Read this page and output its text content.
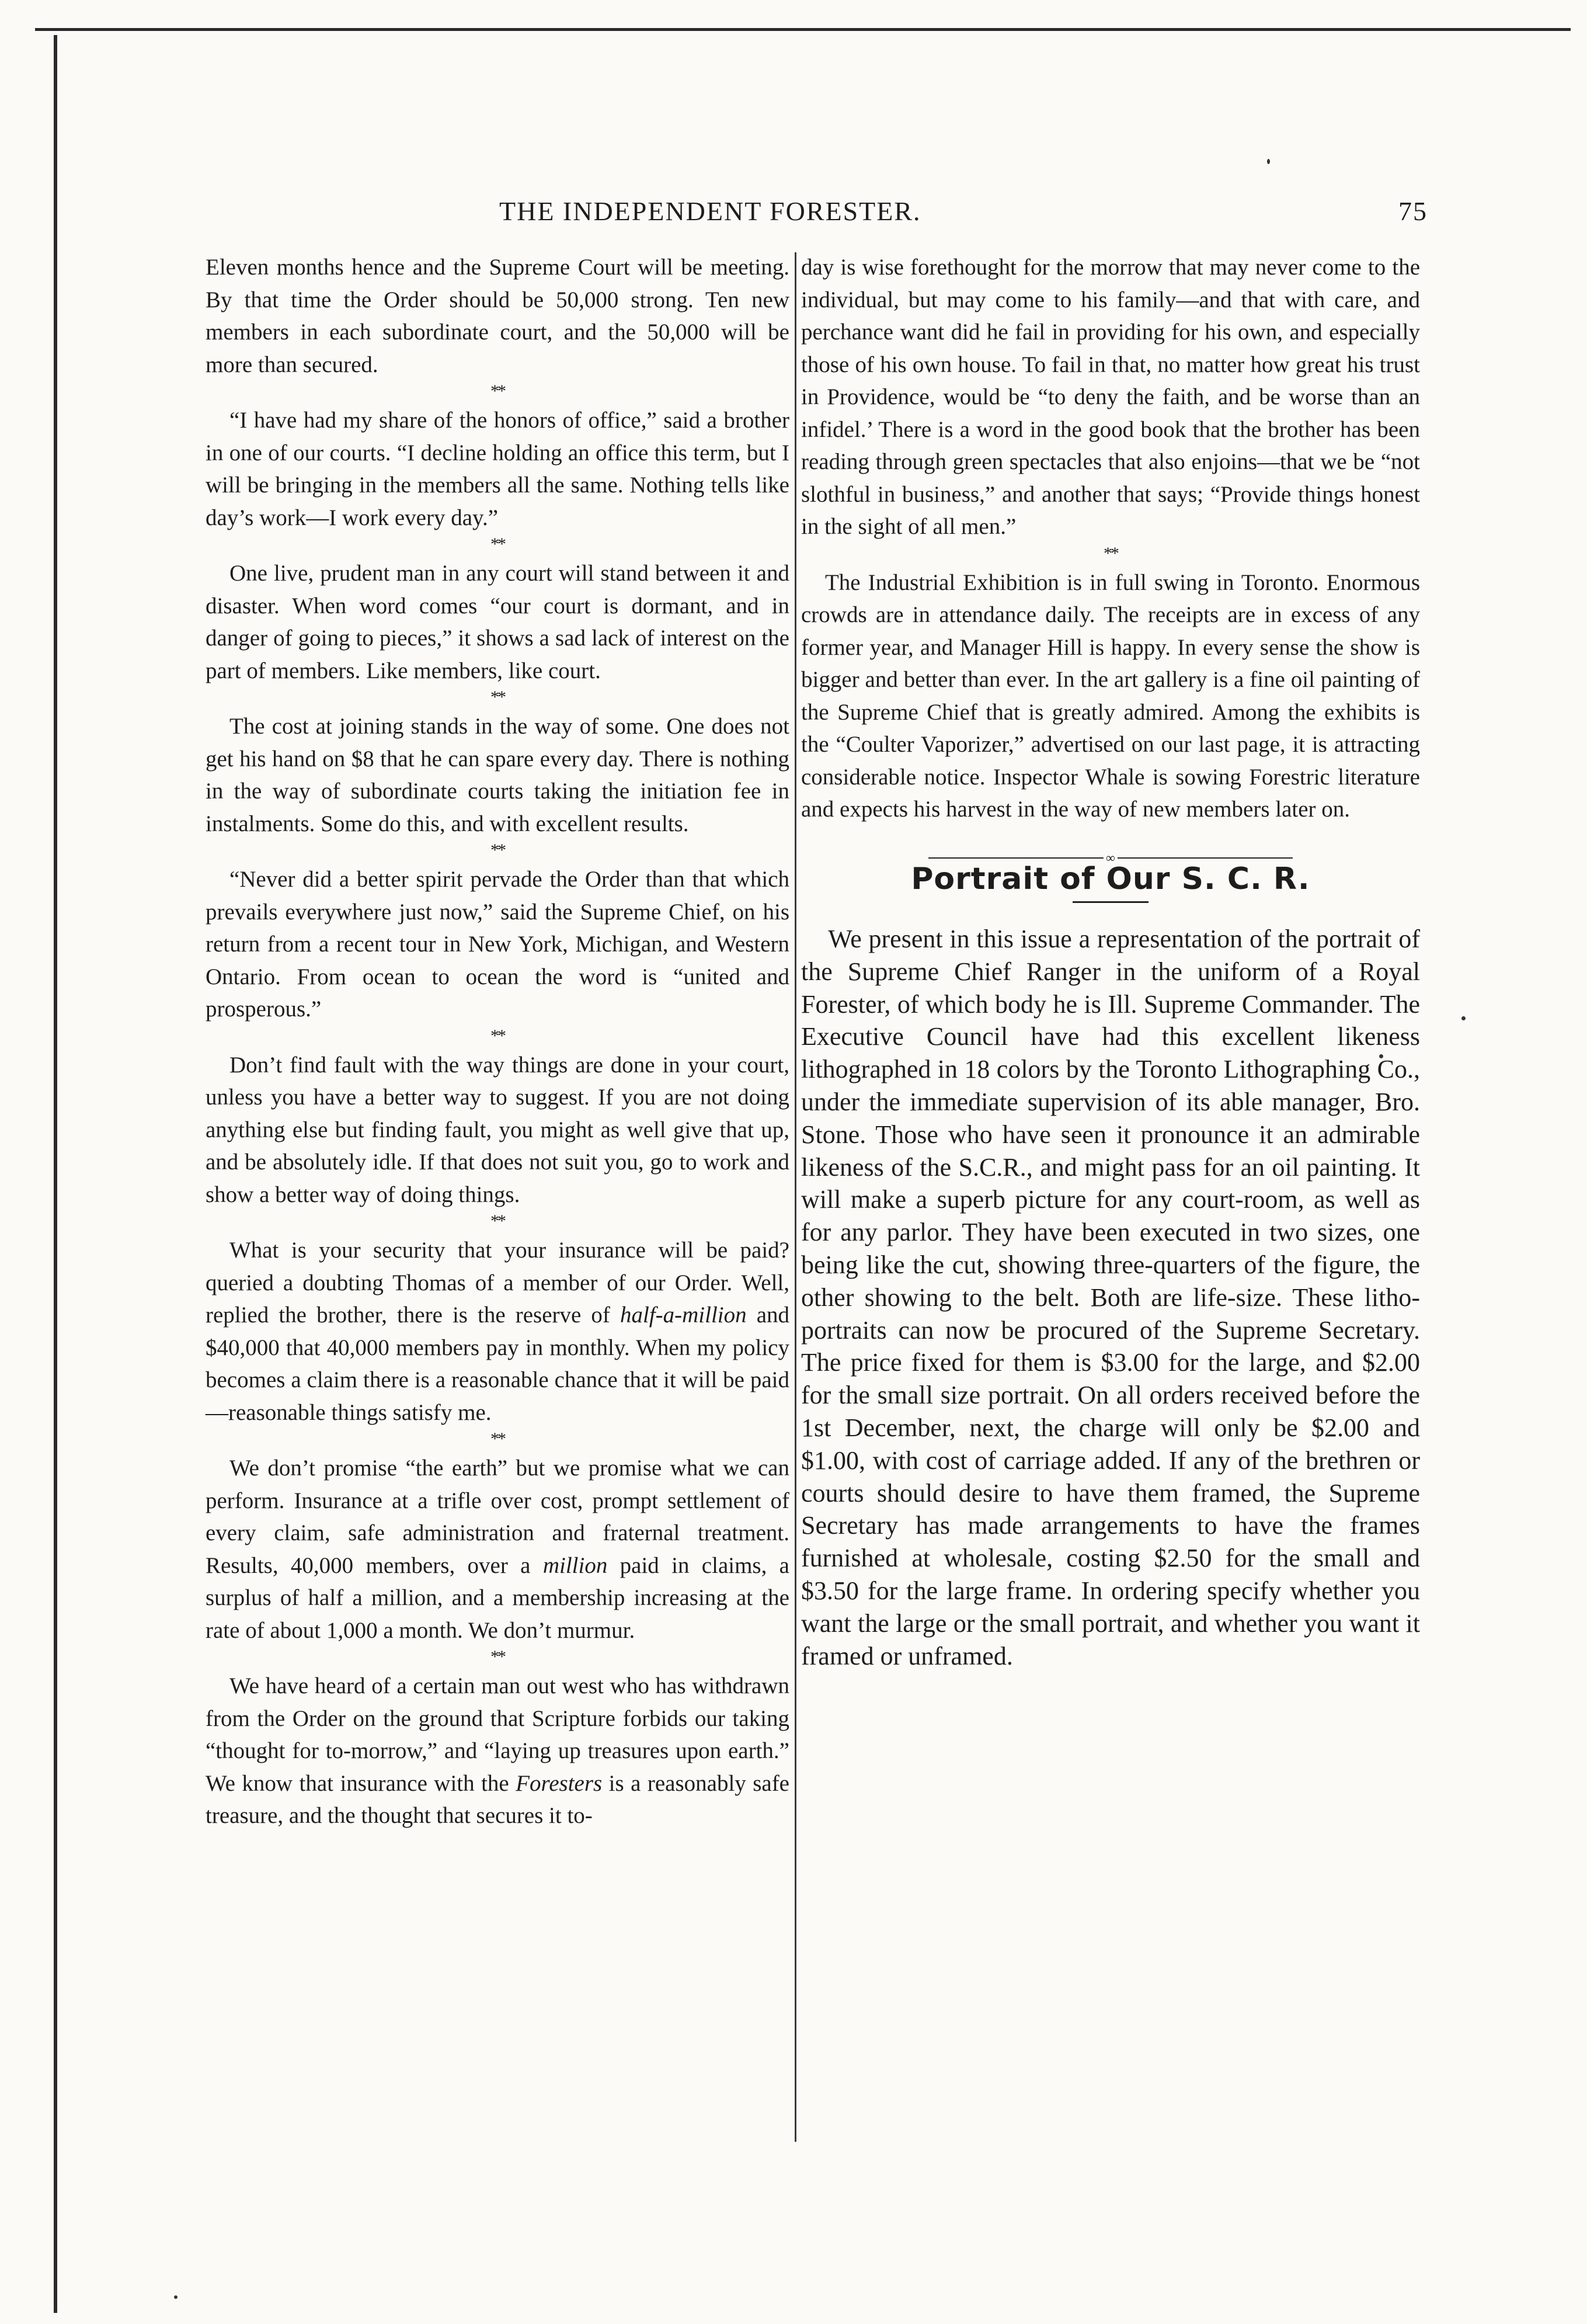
THE INDEPENDENT FORESTER.	75

Eleven months hence and the Supreme Court will be meeting. By that time the Order should be 50,000 strong. Ten new members in each subordinate court, and the 50,000 will be more than secured.

**

“I have had my share of the honors of office,” said a brother in one of our courts. “I decline holding an office this term, but I will be bringing in the members all the same. Nothing tells like day’s work—I work every day.”

**

One live, prudent man in any court will stand between it and disaster. When word comes “our court is dormant, and in danger of going to pieces,” it shows a sad lack of interest on the part of members. Like members, like court.

**

The cost at joining stands in the way of some. One does not get his hand on $8 that he can spare every day. There is nothing in the way of subordinate courts taking the initiation fee in instalments. Some do this, and with excellent results.

**

“Never did a better spirit pervade the Order than that which prevails everywhere just now,” said the Supreme Chief, on his return from a recent tour in New York, Michigan, and Western Ontario. From ocean to ocean the word is “united and prosperous.”

**

Don’t find fault with the way things are done in your court, unless you have a better way to suggest. If you are not doing anything else but finding fault, you might as well give that up, and be absolutely idle. If that does not suit you, go to work and show a better way of doing things.

**

What is your security that your insurance will be paid? queried a doubting Thomas of a member of our Order. Well, replied the brother, there is the reserve of half-a-million and $40,000 that 40,000 members pay in monthly. When my policy becomes a claim there is a reasonable chance that it will be paid—reasonable things satisfy me.

**

We don’t promise “the earth” but we promise what we can perform. Insurance at a trifle over cost, prompt settlement of every claim, safe administration and fraternal treatment. Results, 40,000 members, over a million paid in claims, a surplus of half a million, and a membership increasing at the rate of about 1,000 a month. We don’t murmur.

**

We have heard of a certain man out west who has withdrawn from the Order on the ground that Scripture forbids our taking “thought for to-morrow,” and “laying up treasures upon earth.” We know that insurance with the Foresters is a reasonably safe treasure, and the thought that secures it to-

day is wise forethought for the morrow that may never come to the individual, but may come to his family—and that with care, and perchance want did he fail in providing for his own, and especially those of his own house. To fail in that, no matter how great his trust in Providence, would be “to deny the faith, and be worse than an infidel.’ There is a word in the good book that the brother has been reading through green spectacles that also enjoins—that we be “not slothful in business,” and another that says; “Provide things honest in the sight of all men.”

**

The Industrial Exhibition is in full swing in Toronto. Enormous crowds are in attendance daily. The receipts are in excess of any former year, and Manager Hill is happy. In every sense the show is bigger and better than ever. In the art gallery is a fine oil painting of the Supreme Chief that is greatly admired. Among the exhibits is the “Coulter Vaporizer,” advertised on our last page, it is attracting considerable notice. Inspector Whale is sowing Forestric literature and expects his harvest in the way of new members later on.

∞
Portrait of Our S. C. R.

We present in this issue a representation of the portrait of the Supreme Chief Ranger in the uniform of a Royal Forester, of which body he is Ill. Supreme Commander. The Executive Council have had this excellent likeness lithographed in 18 colors by the Toronto Lithographing Co., under the immediate supervision of its able manager, Bro. Stone. Those who have seen it pronounce it an admirable likeness of the S.C.R., and might pass for an oil painting. It will make a superb picture for any court-room, as well as for any parlor. They have been executed in two sizes, one being like the cut, showing three-quarters of the figure, the other showing to the belt. Both are life-size. These litho-portraits can now be procured of the Supreme Secretary. The price fixed for them is $3.00 for the large, and $2.00 for the small size portrait. On all orders received before the 1st December, next, the charge will only be $2.00 and $1.00, with cost of carriage added. If any of the brethren or courts should desire to have them framed, the Supreme Secretary has made arrangements to have the frames furnished at wholesale, costing $2.50 for the small and $3.50 for the large frame. In ordering specify whether you want the large or the small portrait, and whether you want it framed or unframed.
